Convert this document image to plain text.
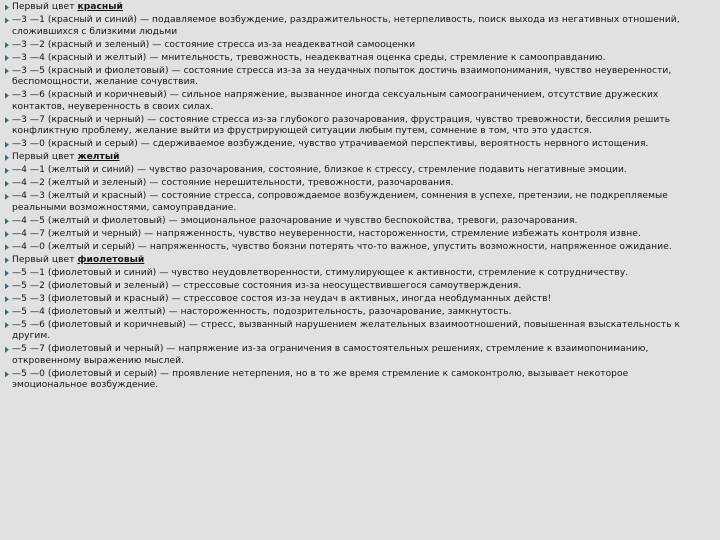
Первый цвет красный
—3 —1 (красный и синий) — подавляемое возбуждение, раздражительность, нетерпеливость, поиск выхода из негативных отношений, сложившихся с близкими людьми
—3 —2 (красный и зеленый) — состояние стресса из-за неадекватной самооценки
—3 —4 (красный и желтый) — мнительность, тревожность, неадекватная оценка среды, стремление к самооправданию.
—3 —5 (красный и фиолетовый) — состояние стресса из-за за неудачных попыток достичь взаимопонимания, чувство неуверенности, беспомощности, желание сочувствия.
—3 —6 (красный и коричневый) — сильное напряжение, вызванное иногда сексуальным самоограничением, отсутствие дружеских контактов, неуверенность в своих силах.
—3 —7 (красный и черный) — состояние стресса из-за глубокого разочарования, фрустрация, чувство тревожности, бессилия решить конфликтную проблему, желание выйти из фрустрирующей ситуации любым путем, сомнение в том, что это удастся.
—3 —0 (красный и серый) — сдерживаемое возбуждение, чувство утрачиваемой перспективы, вероятность нервного истощения.
Первый цвет желтый
—4 —1 (желтый и синий) — чувство разочарования, состояние, близкое к стрессу, стремление подавить негативные эмоции.
—4 —2 (желтый и зеленый) — состояние нерешительности, тревожности, разочарования.
—4 —3 (желтый и красный) — состояние стресса, сопровождаемое возбуждением, сомнения в успехе, претензии, не подкрепляемые реальными возможностями, самоуправдание.
—4 —5 (желтый и фиолетовый) — эмоциональное разочарование и чувство беспокойства, тревоги, разочарования.
—4 —7 (желтый и черный) — напряженность, чувство неуверенности, настороженности, стремление избежать контроля извне.
—4 —0 (желтый и серый) — напряженность, чувство боязни потерять что-то важное, упустить возможности, напряженное ожидание.
Первый цвет фиолетовый
—5 —1 (фиолетовый и синий) — чувство неудовлетворенности, стимулирующее к активности, стремление к сотрудничеству.
—5 —2 (фиолетовый и зеленый) — стрессовые состояния из-за неосуществившегося самоутверждения.
—5 —3 (фиолетовый и красный) — стрессовое состоя из-за неудач в активных, иногда необдуманных действ!
—5 —4 (фиолетовый и желтый) — настороженность, подозрительность, разочарование, замкнутость.
—5 —6 (фиолетовый и коричневый) — стресс, вызванный нарушением желательных взаимоотношений, повышенная взыскательность к другим.
—5 —7 (фиолетовый и черный) — напряжение из-за ограничения в самостоятельных решениях, стремление к взаимопониманию, откровенному выражению мыслей.
—5 —0 (фиолетовый и серый) — проявление нетерпения, но в то же время стремление к самоконтролю, вызывает некоторое эмоциональное возбуждение.
